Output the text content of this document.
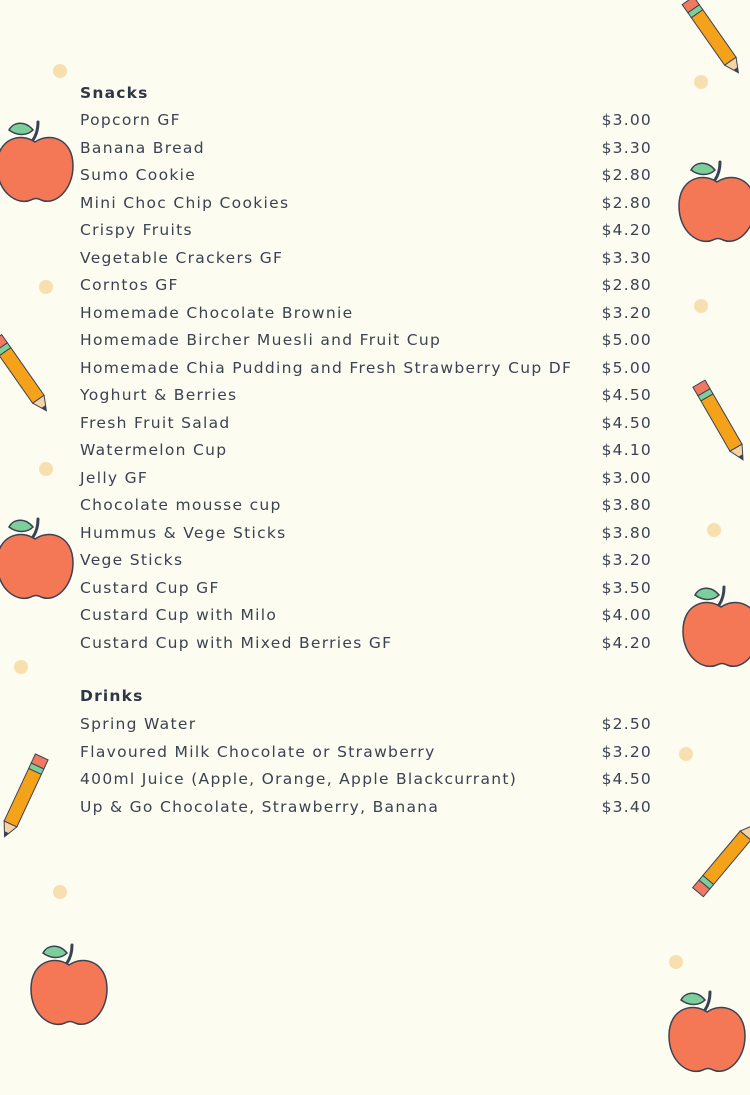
Snacks
Popcorn GF	$3.00
Banana Bread	$3.30
Sumo Cookie	$2.80
Mini Choc Chip Cookies	$2.80
Crispy Fruits	$4.20
Vegetable Crackers GF	$3.30
Corntos GF	$2.80
Homemade Chocolate Brownie	$3.20
Homemade Bircher Muesli and Fruit Cup	$5.00
Homemade Chia Pudding and Fresh Strawberry Cup DF $5.00
Yoghurt & Berries	$4.50
Fresh Fruit Salad	$4.50
Watermelon Cup	$4.10
Jelly GF	$3.00
Chocolate mousse cup	$3.80
Hummus & Vege Sticks	$3.80
Vege Sticks	$3.20
Custard Cup GF	$3.50
Custard Cup with Milo	$4.00
Custard Cup with Mixed Berries GF	$4.20
Drinks
Spring Water	$2.50
Flavoured Milk Chocolate or Strawberry	$3.20
400ml Juice (Apple, Orange, Apple Blackcurrant)	$4.50
Up & Go Chocolate, Strawberry, Banana	$3.40
